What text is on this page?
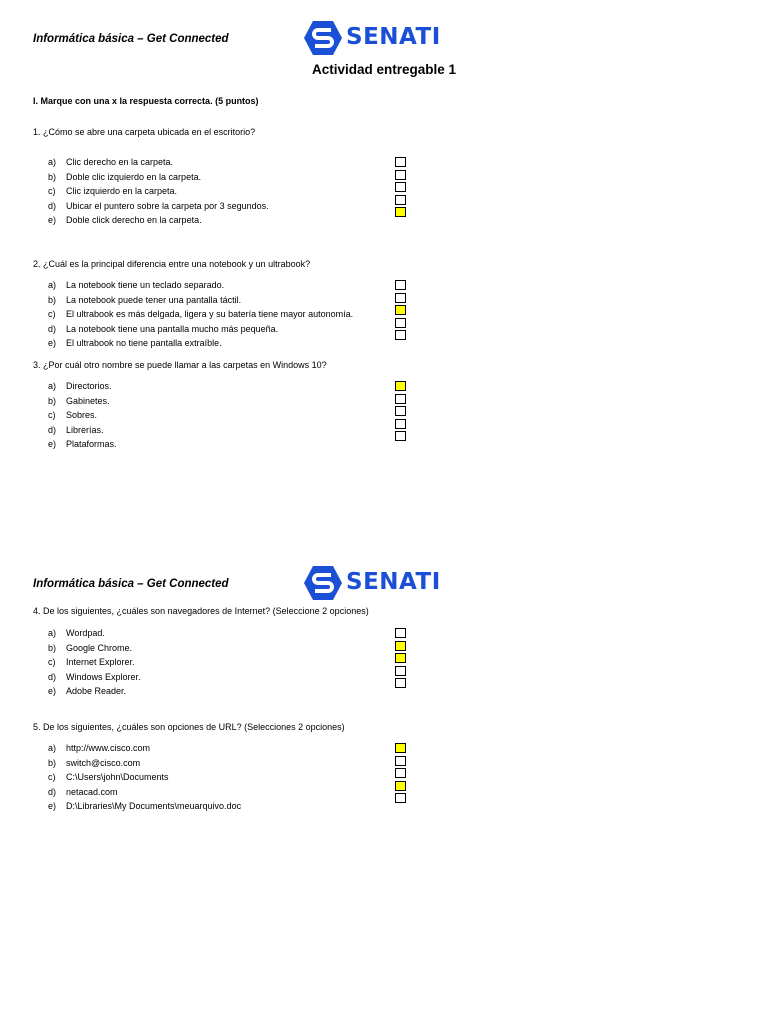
Informática básica – Get Connected	SENATI
Actividad entregable 1
I. Marque con una x la respuesta correcta. (5 puntos)
1. ¿Cómo se abre una carpeta ubicada en el escritorio?
a) Clic derecho en la carpeta.
b) Doble clic izquierdo en la carpeta.
c) Clic izquierdo en la carpeta.
d) Ubicar el puntero sobre la carpeta por 3 segundos.
e) Doble click derecho en la carpeta.
2. ¿Cuál es la principal diferencia entre una notebook y un ultrabook?
a) La notebook tiene un teclado separado.
b) La notebook puede tener una pantalla táctil.
c) El ultrabook es más delgada, ligera y su batería tiene mayor autonomía.
d) La notebook tiene una pantalla mucho más pequeña.
e) El ultrabook no tiene pantalla extraíble.
3. ¿Por cuál otro nombre se puede llamar a las carpetas en Windows 10?
a) Directorios.
b) Gabinetes.
c) Sobres.
d) Librerías.
e) Plataformas.
Informática básica – Get Connected	SENATI
4. De los siguientes, ¿cuáles son navegadores de Internet? (Seleccione 2 opciones)
a) Wordpad.
b) Google Chrome.
c) Internet Explorer.
d) Windows Explorer.
e) Adobe Reader.
5. De los siguientes, ¿cuáles son opciones de URL? (Selecciones 2 opciones)
a) http://www.cisco.com
b) switch@cisco.com
c) C:\Users\john\Documents
d) netacad.com
e) D:\Libraries\My Documents\meuarquivo.doc
